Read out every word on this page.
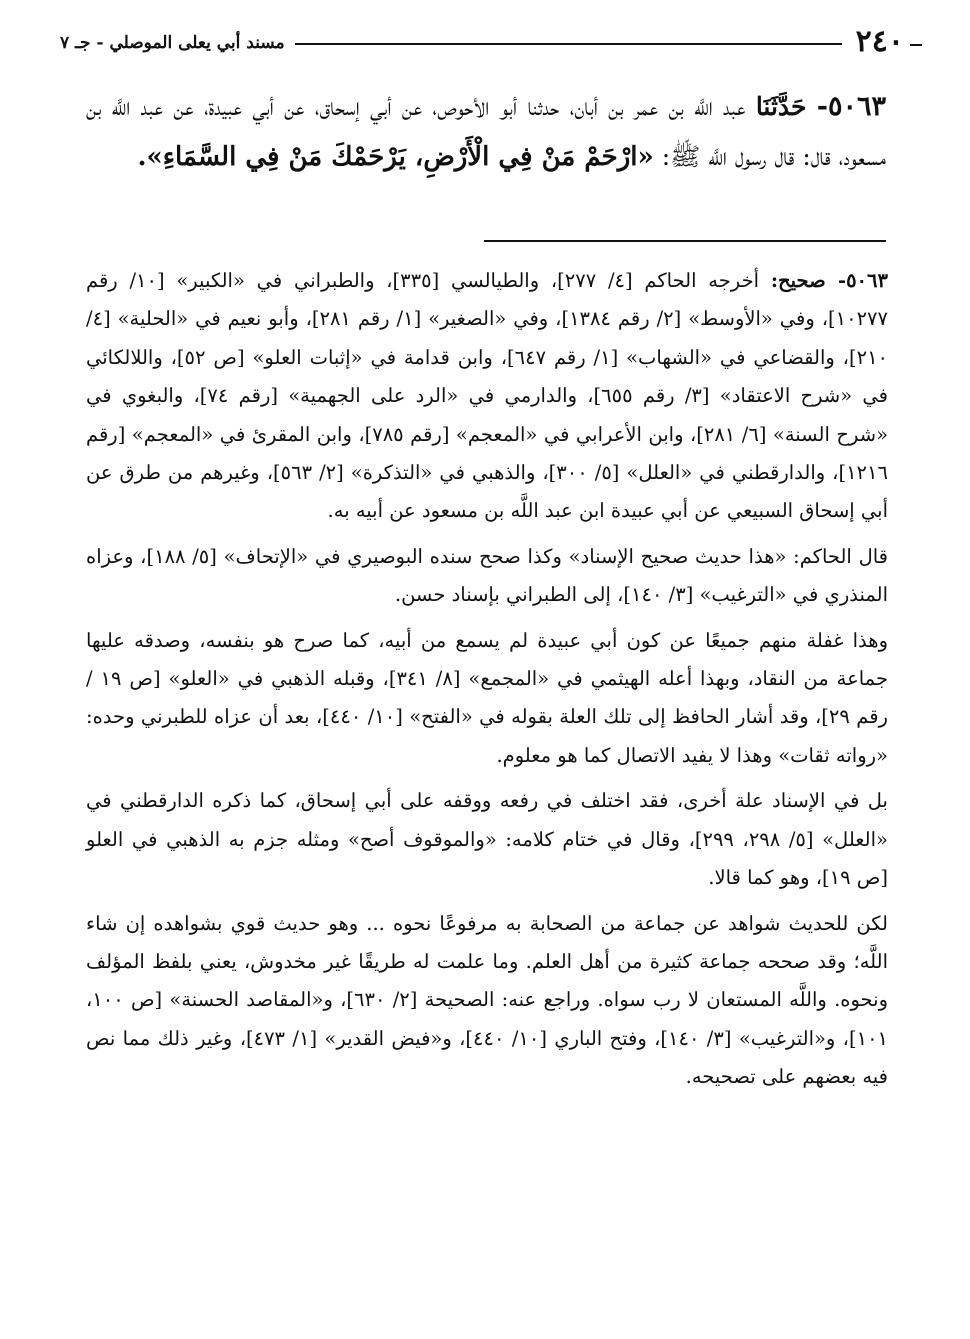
٢٤٠
مسند أبي يعلى الموصلي - جـ ٧
٥٠٦٣- حَدَّثَنَا عبد اللَّه بن عمر بن أبان، حدثنا أبو الأحوص، عن أبي إسحاق، عن أبي عبيدة، عن عبد اللَّه بن مسعود، قال: قال رسول اللَّه ﷺ: «ارْحَمْ مَنْ فِي الْأَرْضِ، يَرْحَمْكَ مَنْ فِي السَّمَاءِ».

٥٠٦٣- صحيح: أخرجه الحاكم [٤/ ٢٧٧]، والطيالسي [٣٣٥]، والطبراني في «الكبير» [١٠/ رقم ١٠٢٧٧]، وفي «الأوسط» [٢/ رقم ١٣٨٤]، وفي «الصغير» [١/ رقم ٢٨١]، وأبو نعيم في «الحلية» [٤/ ٢١٠]، والقضاعي في «الشهاب» [١/ رقم ٦٤٧]، وابن قدامة في «إثبات العلو» [ص ٥٢]، واللالكائي في «شرح الاعتقاد» [٣/ رقم ٦٥٥]، والدارمي في «الرد على الجهمية» [رقم ٧٤]، والبغوي في «شرح السنة» [٦/ ٢٨١]، وابن الأعرابي في «المعجم» [رقم ٧٨٥]، وابن المقرئ في «المعجم» [رقم ١٢١٦]، والدارقطني في «العلل» [٥/ ٣٠٠]، والذهبي في «التذكرة» [٢/ ٥٦٣]، وغيرهم من طرق عن أبي إسحاق السبيعي عن أبي عبيدة ابن عبد اللَّه بن مسعود عن أبيه به.

قال الحاكم: «هذا حديث صحيح الإسناد» وكذا صحح سنده البوصيري في «الإتحاف» [٥/ ١٨٨]، وعزاه المنذري في «الترغيب» [٣/ ١٤٠]، إلى الطبراني بإسناد حسن.

وهذا غفلة منهم جميعًا عن كون أبي عبيدة لم يسمع من أبيه، كما صرح هو بنفسه، وصدقه عليها جماعة من النقاد، وبهذا أعله الهيثمي في «المجمع» [٨/ ٣٤١]، وقبله الذهبي في «العلو» [ص ١٩ / رقم ٢٩]، وقد أشار الحافظ إلى تلك العلة بقوله في «الفتح» [١٠/ ٤٤٠]، بعد أن عزاه للطبرني وحده: «رواته ثقات» وهذا لا يفيد الاتصال كما هو معلوم.

بل في الإسناد علة أخرى، فقد اختلف في رفعه ووقفه على أبي إسحاق، كما ذكره الدارقطني في «العلل» [٥/ ٢٩٨، ٢٩٩]، وقال في ختام كلامه: «والموقوف أصح» ومثله جزم به الذهبي في العلو [ص ١٩]، وهو كما قالا.

لكن للحديث شواهد عن جماعة من الصحابة به مرفوعًا نحوه ... وهو حديث قوي بشواهده إن شاء اللَّه؛ وقد صححه جماعة كثيرة من أهل العلم. وما علمت له طريقًا غير مخدوش، يعني بلفظ المؤلف ونحوه. واللَّه المستعان لا رب سواه. وراجع عنه: الصحيحة [٢/ ٦٣٠]، و«المقاصد الحسنة» [ص ١٠٠، ١٠١]، و«الترغيب» [٣/ ١٤٠]، وفتح الباري [١٠/ ٤٤٠]، و«فيض القدير» [١/ ٤٧٣]، وغير ذلك مما نص فيه بعضهم على تصحيحه.
